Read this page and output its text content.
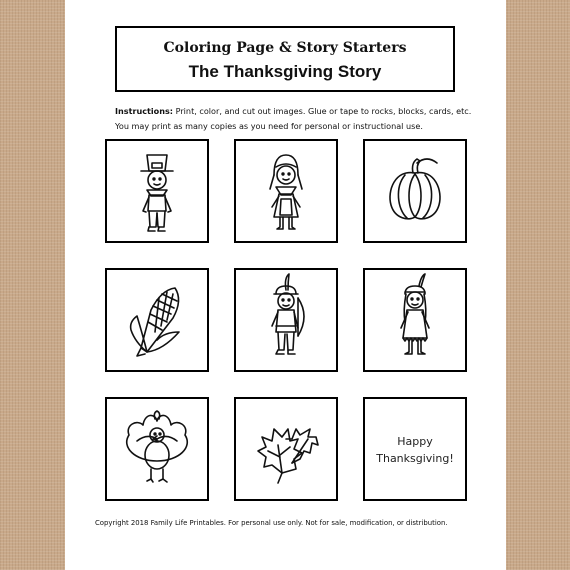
Coloring Page & Story Starters
The Thanksgiving Story
Instructions: Print, color, and cut out images. Glue or tape to rocks, blocks, cards, etc. You may print as many copies as you need for personal or instructional use.
Happy
Thanksgiving!
Copyright 2018 Family Life Printables. For personal use only. Not for sale, modification, or distribution.
